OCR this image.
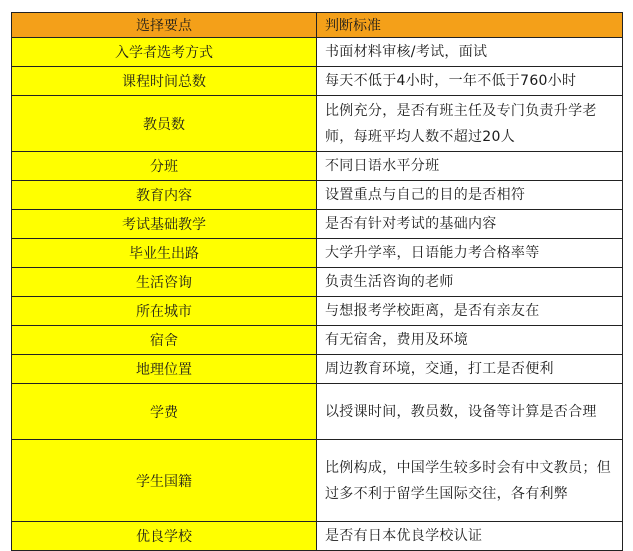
选择要点	判断标准
入学者选考方式	书面材料审核/考试，面试
课程时间总数	每天不低于4小时，一年不低于760小时
教员数	比例充分，是否有班主任及专门负责升学老师，每班平均人数不超过20人
分班	不同日语水平分班
教育内容	设置重点与自己的目的是否相符
考试基础教学	是否有针对考试的基础内容
毕业生出路	大学升学率，日语能力考合格率等
生活咨询	负责生活咨询的老师
所在城市	与想报考学校距离，是否有亲友在
宿舍	有无宿舍，费用及环境
地理位置	周边教育环境，交通，打工是否便利
学费	以授课时间，教员数，设备等计算是否合理
学生国籍	比例构成，中国学生较多时会有中文教员；但过多不利于留学生国际交往，各有利弊
优良学校	是否有日本优良学校认证
